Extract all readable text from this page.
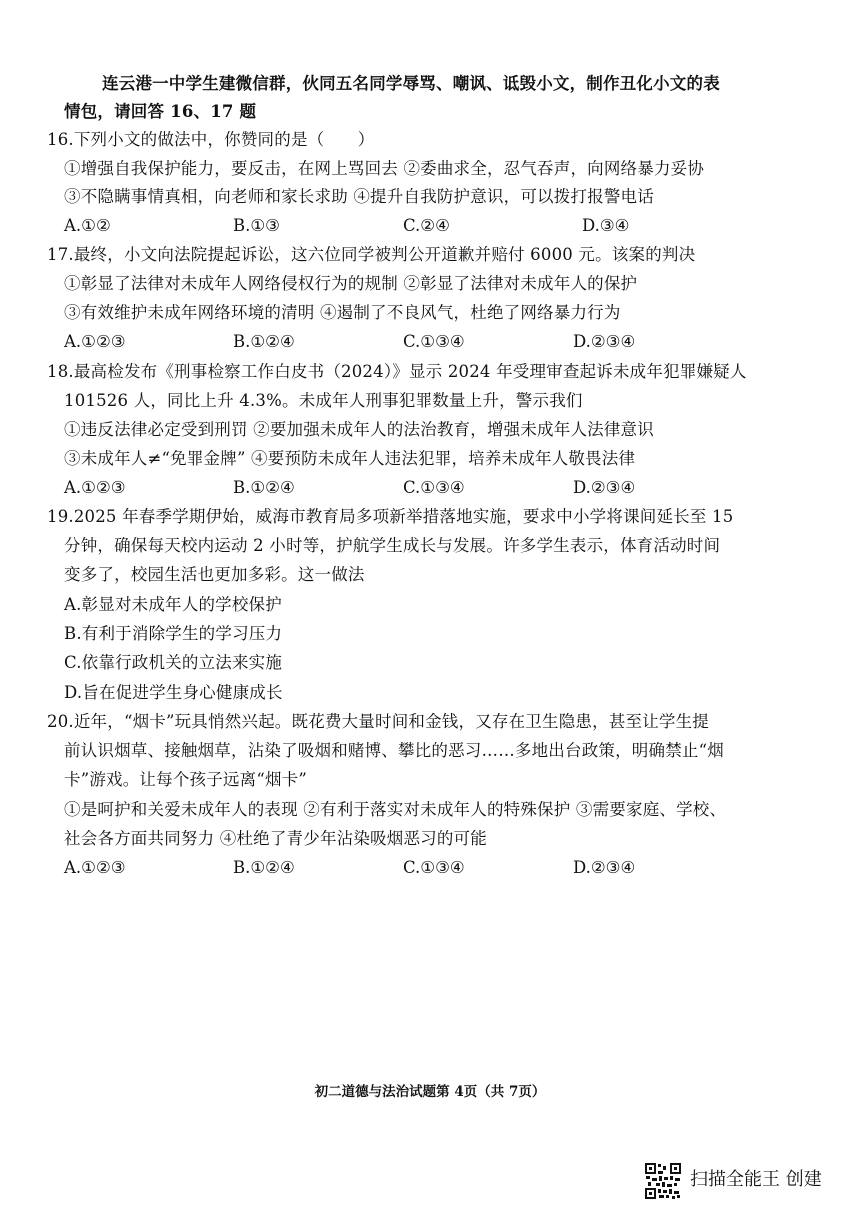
连云港一中学生建微信群，伙同五名同学辱骂、嘲讽、诋毁小文，制作丑化小文的表
情包，请回答 16、17 题
16.下列小文的做法中，你赞同的是（　　）
①增强自我保护能力，要反击，在网上骂回去 ②委曲求全，忍气吞声，向网络暴力妥协
③不隐瞒事情真相，向老师和家长求助 ④提升自我防护意识，可以拨打报警电话
A.①②	B.①③	C.②④	D.③④
17.最终，小文向法院提起诉讼，这六位同学被判公开道歉并赔付 6000 元。该案的判决
①彰显了法律对未成年人网络侵权行为的规制 ②彰显了法律对未成年人的保护
③有效维护未成年网络环境的清明 ④遏制了不良风气，杜绝了网络暴力行为
A.①②③	B.①②④	C.①③④	D.②③④
18.最高检发布《刑事检察工作白皮书（2024）》显示 2024 年受理审查起诉未成年犯罪嫌疑人
101526 人，同比上升 4.3%。未成年人刑事犯罪数量上升，警示我们
①违反法律必定受到刑罚 ②要加强未成年人的法治教育，增强未成年人法律意识
③未成年人≠“免罪金牌” ④要预防未成年人违法犯罪，培养未成年人敬畏法律
A.①②③	B.①②④	C.①③④	D.②③④
19.2025 年春季学期伊始，威海市教育局多项新举措落地实施，要求中小学将课间延长至 15
分钟，确保每天校内运动 2 小时等，护航学生成长与发展。许多学生表示，体育活动时间
变多了，校园生活也更加多彩。这一做法
A.彰显对未成年人的学校保护
B.有利于消除学生的学习压力
C.依靠行政机关的立法来实施
D.旨在促进学生身心健康成长
20.近年，“烟卡”玩具悄然兴起。既花费大量时间和金钱，又存在卫生隐患，甚至让学生提
前认识烟草、接触烟草，沾染了吸烟和赌博、攀比的恶习……多地出台政策，明确禁止“烟
卡”游戏。让每个孩子远离“烟卡”
①是呵护和关爱未成年人的表现 ②有利于落实对未成年人的特殊保护 ③需要家庭、学校、
社会各方面共同努力 ④杜绝了青少年沾染吸烟恶习的可能
A.①②③	B.①②④	C.①③④	D.②③④
初二道德与法治试题第 4页（共 7页）
扫描全能王 创建
